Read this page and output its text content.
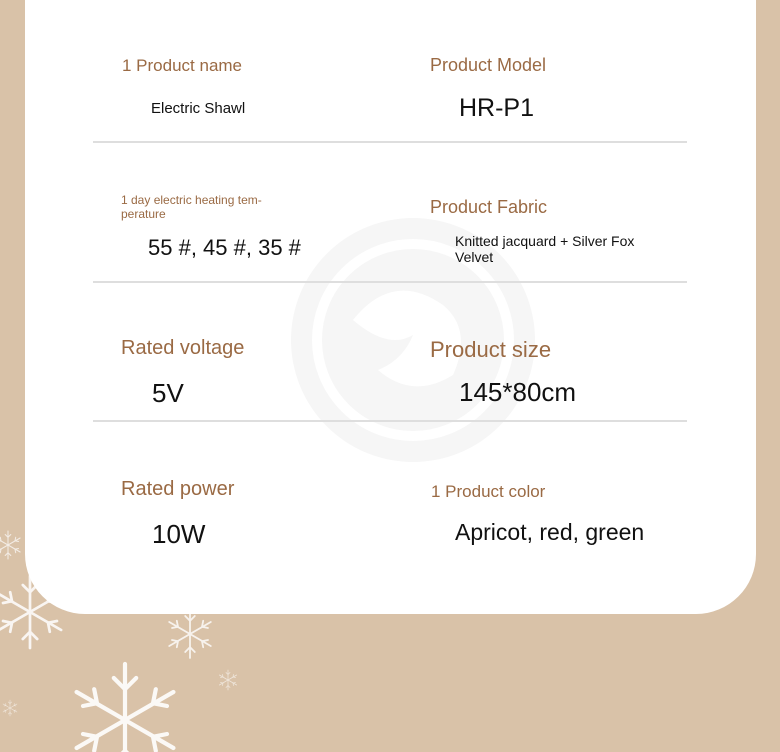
1 Product name
Electric Shawl
Product Model
HR-P1
1 day electric heating tem- perature
55 #, 45 #, 35 #
Product Fabric
Knitted jacquard + Silver Fox Velvet
Rated voltage
5V
Product size
145*80cm
Rated power
10W
1 Product color
Apricot, red, green
